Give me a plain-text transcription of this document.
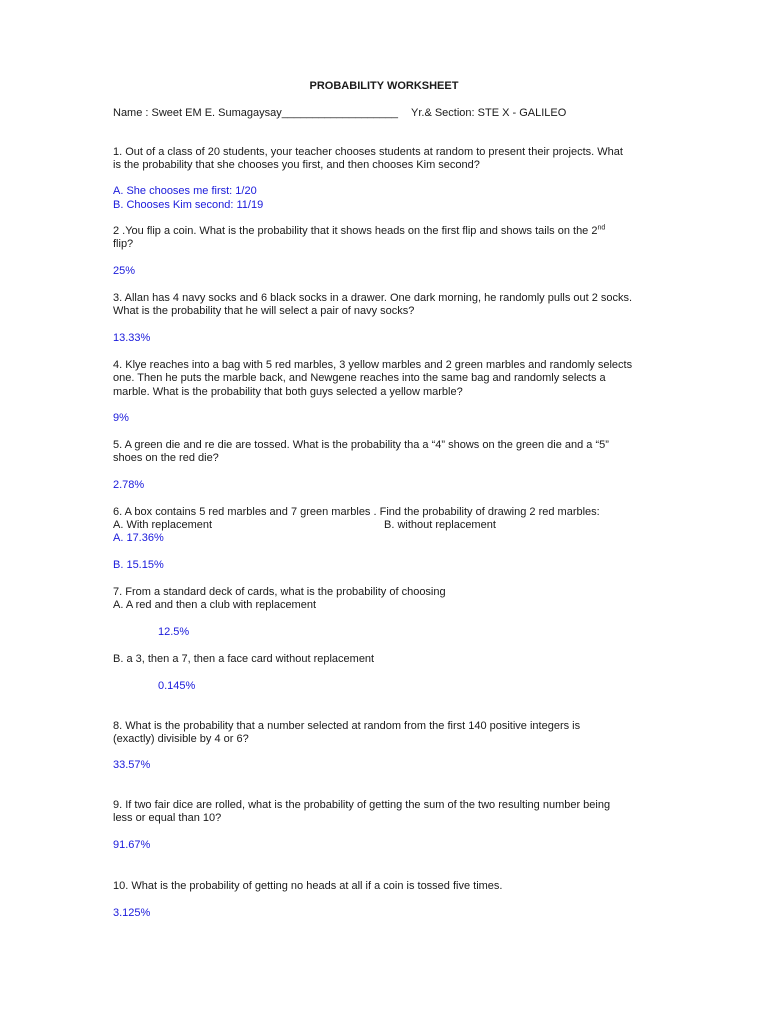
PROBABILITY WORKSHEET
Name : Sweet EM E. Sumagaysay___________________ Yr.& Section: STE X - GALILEO
1. Out of a class of 20 students, your teacher chooses students at random to present their projects. What
is the probability that she chooses you first, and then chooses Kim second?
A. She chooses me first: 1/20
B. Chooses Kim second: 11/19
2 .You flip a coin. What is the probability that it shows heads on the first flip and shows tails on the 2nd
flip?
25%
3. Allan has 4 navy socks and 6 black socks in a drawer. One dark morning, he randomly pulls out 2 socks.
What is the probability that he will select a pair of navy socks?
13.33%
4. Klye reaches into a bag with 5 red marbles, 3 yellow marbles and 2 green marbles and randomly selects
one. Then he puts the marble back, and Newgene reaches into the same bag and randomly selects a
marble. What is the probability that both guys selected a yellow marble?
9%
5. A green die and re die are tossed. What is the probability tha a “4” shows on the green die and a “5”
shoes on the red die?
2.78%
6. A box contains 5 red marbles and 7 green marbles . Find the probability of drawing 2 red marbles:
A. With replacement	B. without replacement
A. 17.36%
B. 15.15%
7. From a standard deck of cards, what is the probability of choosing
A. A red and then a club with replacement
12.5%
B. a 3, then a 7, then a face card without replacement
0.145%
8. What is the probability that a number selected at random from the first 140 positive integers is
(exactly) divisible by 4 or 6?
33.57%
9. If two fair dice are rolled, what is the probability of getting the sum of the two resulting number being
less or equal than 10?
91.67%
10. What is the probability of getting no heads at all if a coin is tossed five times.
3.125%
